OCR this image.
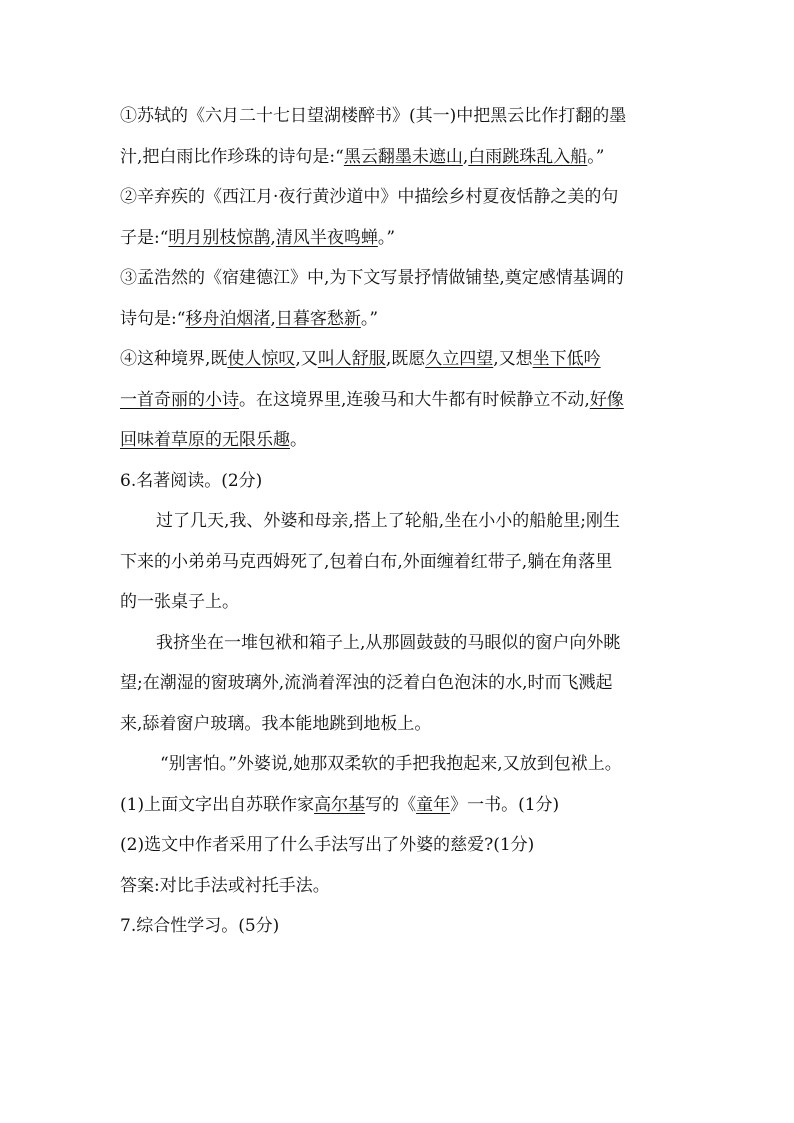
①苏轼的《六月二十七日望湖楼醉书》(其一)中把黑云比作打翻的墨
汁,把白雨比作珍珠的诗句是:“黑云翻墨未遮山,白雨跳珠乱入船。”
②辛弃疾的《西江月·夜行黄沙道中》中描绘乡村夏夜恬静之美的句
子是:“明月别枝惊鹊,清风半夜鸣蝉。”
③孟浩然的《宿建德江》中,为下文写景抒情做铺垫,奠定感情基调的
诗句是:“移舟泊烟渚,日暮客愁新。”
④这种境界,既使人惊叹,又叫人舒服,既愿久立四望,又想坐下低吟
一首奇丽的小诗。在这境界里,连骏马和大牛都有时候静立不动,好像
回味着草原的无限乐趣。
6.名著阅读。(2分)
过了几天,我、外婆和母亲,搭上了轮船,坐在小小的船舱里;刚生
下来的小弟弟马克西姆死了,包着白布,外面缠着红带子,躺在角落里
的一张桌子上。
我挤坐在一堆包袱和箱子上,从那圆鼓鼓的马眼似的窗户向外眺
望;在潮湿的窗玻璃外,流淌着浑浊的泛着白色泡沫的水,时而飞溅起
来,舔着窗户玻璃。我本能地跳到地板上。
“别害怕。”外婆说,她那双柔软的手把我抱起来,又放到包袱上。
(1)上面文字出自苏联作家高尔基写的《童年》一书。(1分)
(2)选文中作者采用了什么手法写出了外婆的慈爱?(1分)
答案:对比手法或衬托手法。
7.综合性学习。(5分)
